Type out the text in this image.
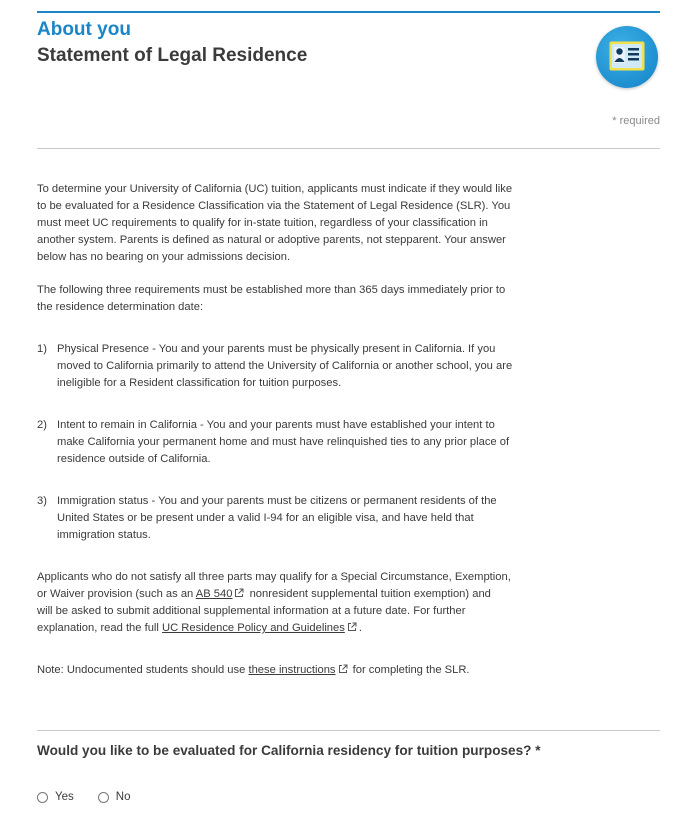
About you
Statement of Legal Residence
* required

To determine your University of California (UC) tuition, applicants must indicate if they would like to be evaluated for a Residence Classification via the Statement of Legal Residence (SLR). You must meet UC requirements to qualify for in-state tuition, regardless of your classification in another system. Parents is defined as natural or adoptive parents, not stepparent. Your answer below has no bearing on your admissions decision.

The following three requirements must be established more than 365 days immediately prior to the residence determination date:

1) Physical Presence - You and your parents must be physically present in California. If you moved to California primarily to attend the University of California or another school, you are ineligible for a Resident classification for tuition purposes.
2) Intent to remain in California - You and your parents must have established your intent to make California your permanent home and must have relinquished ties to any prior place of residence outside of California.
3) Immigration status - You and your parents must be citizens or permanent residents of the United States or be present under a valid I-94 for an eligible visa, and have held that immigration status.

Applicants who do not satisfy all three parts may qualify for a Special Circumstance, Exemption,
or Waiver provision (such as an AB 540 nonresident supplemental tuition exemption) and
will be asked to submit additional supplemental information at a future date. For further
explanation, read the full UC Residence Policy and Guidelines .

Note: Undocumented students should use these instructions for completing the SLR.

Would you like to be evaluated for California residency for tuition purposes? *
Yes	No
